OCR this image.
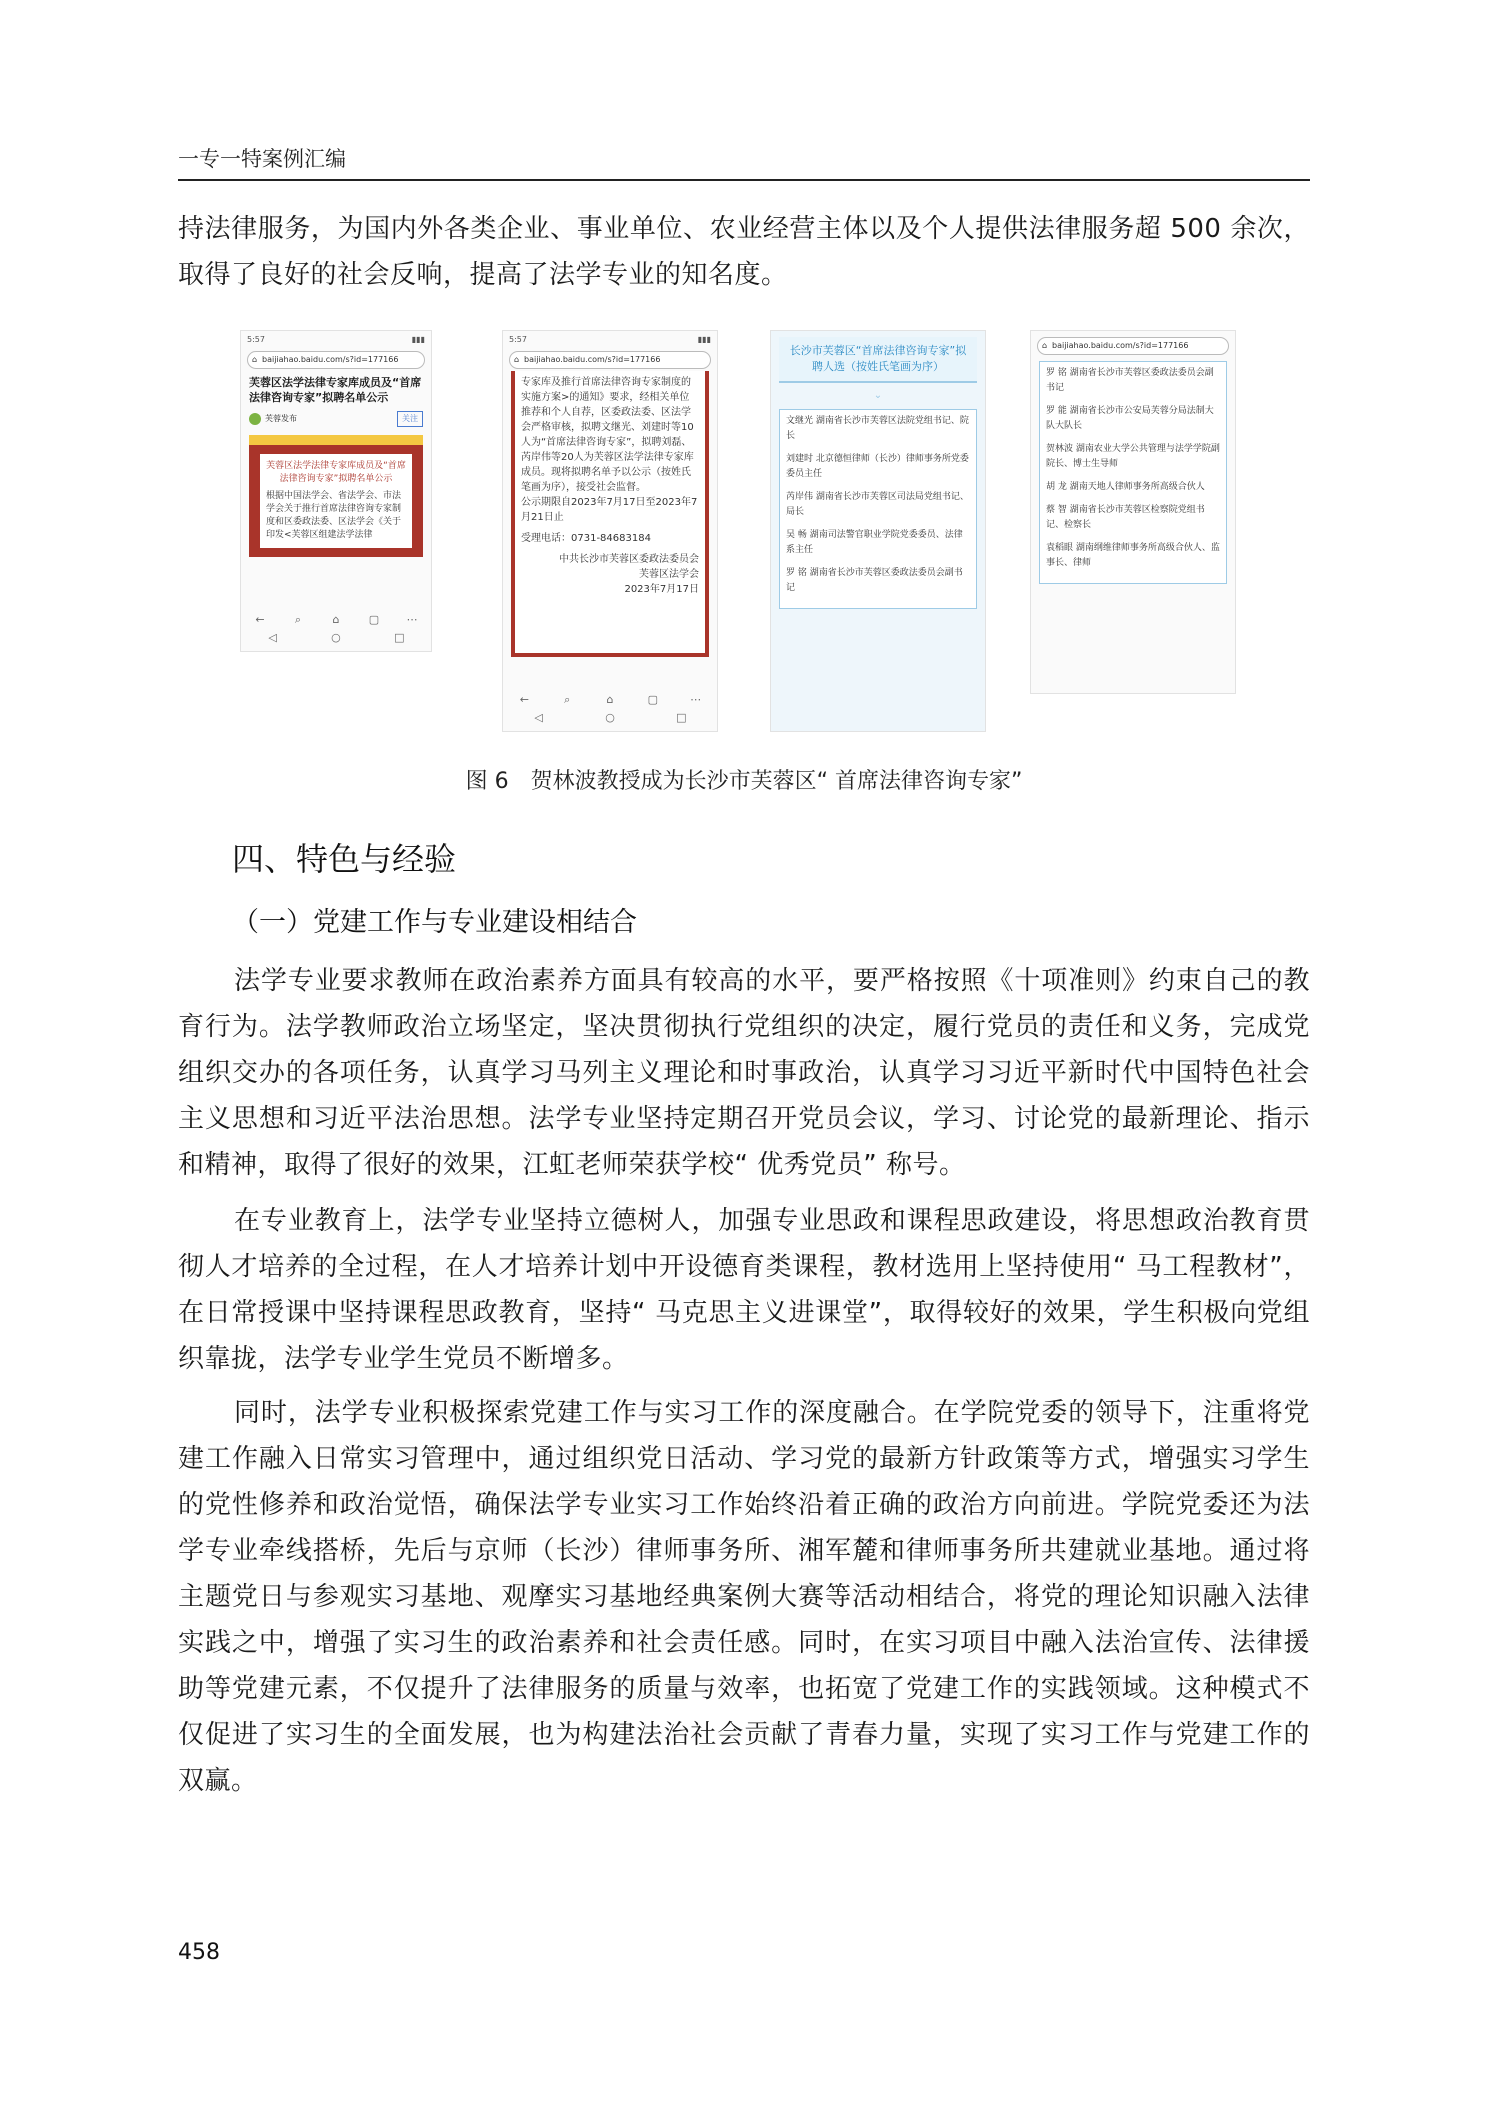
一专一特案例汇编

持法律服务，为国内外各类企业、事业单位、农业经营主体以及个人提供法律服务超 500 余次，取得了良好的社会反响，提高了法学专业的知名度。

5:57	▮▮▮
⌂ baijiahao.baidu.com/s?id=177166
芙蓉区法学法律专家库成员及“首席法律咨询专家”拟聘名单公示
芙蓉发布	关注
芙蓉区法学法律专家库成员及“首席法律咨询专家”拟聘名单公示
根据中国法学会、省法学会、市法学会关于推行首席法律咨询专家制度和区委政法委、区法学会《关于印发<芙蓉区组建法学法律
←	⌕	⌂	▢	⋯
◁	○	□
5:57	▮▮▮
⌂ baijiahao.baidu.com/s?id=177166
专家库及推行首席法律咨询专家制度的实施方案>的通知》要求，经相关单位推荐和个人自荐，区委政法委、区法学会严格审核，拟聘文继光、刘建时等10人为“首席法律咨询专家”，拟聘刘磊、芮岸伟等20人为芙蓉区法学法律专家库成员。现将拟聘名单予以公示（按姓氏笔画为序），接受社会监督。
公示期限自2023年7月17日至2023年7月21日止
受理电话：0731-84683184
中共长沙市芙蓉区委政法委员会
芙蓉区法学会
2023年7月17日
←	⌕	⌂	▢	⋯
◁	○	□
长沙市芙蓉区“首席法律咨询专家”拟聘人选（按姓氏笔画为序）
⌄

文继光 湖南省长沙市芙蓉区法院党组书记、院长

刘建时 北京德恒律师（长沙）律师事务所党委委员主任

芮岸伟 湖南省长沙市芙蓉区司法局党组书记、局长

吴 畅 湖南司法警官职业学院党委委员、法律系主任

罗 铭 湖南省长沙市芙蓉区委政法委员会副书记

⌂ baijiahao.baidu.com/s?id=177166

罗 铭 湖南省长沙市芙蓉区委政法委员会副书记

罗 能 湖南省长沙市公安局芙蓉分局法制大队大队长

贺林波 湖南农业大学公共管理与法学学院副院长、博士生导师

胡 龙 湖南天地人律师事务所高级合伙人

蔡 智 湖南省长沙市芙蓉区检察院党组书记、检察长

袁稻眼 湖南纲维律师事务所高级合伙人、监事长、律师

图 6　贺林波教授成为长沙市芙蓉区“ 首席法律咨询专家”
四、特色与经验
（一）党建工作与专业建设相结合

法学专业要求教师在政治素养方面具有较高的水平，要严格按照《十项准则》约束自己的教育行为。法学教师政治立场坚定，坚决贯彻执行党组织的决定，履行党员的责任和义务，完成党组织交办的各项任务，认真学习马列主义理论和时事政治，认真学习习近平新时代中国特色社会主义思想和习近平法治思想。法学专业坚持定期召开党员会议，学习、讨论党的最新理论、指示和精神，取得了很好的效果，江虹老师荣获学校“ 优秀党员” 称号。

在专业教育上，法学专业坚持立德树人，加强专业思政和课程思政建设，将思想政治教育贯彻人才培养的全过程，在人才培养计划中开设德育类课程，教材选用上坚持使用“ 马工程教材”，在日常授课中坚持课程思政教育，坚持“ 马克思主义进课堂”，取得较好的效果，学生积极向党组织靠拢，法学专业学生党员不断增多。

同时，法学专业积极探索党建工作与实习工作的深度融合。在学院党委的领导下，注重将党建工作融入日常实习管理中，通过组织党日活动、学习党的最新方针政策等方式，增强实习学生的党性修养和政治觉悟，确保法学专业实习工作始终沿着正确的政治方向前进。学院党委还为法学专业牵线搭桥，先后与京师（长沙）律师事务所、湘军麓和律师事务所共建就业基地。通过将主题党日与参观实习基地、观摩实习基地经典案例大赛等活动相结合，将党的理论知识融入法律实践之中，增强了实习生的政治素养和社会责任感。同时，在实习项目中融入法治宣传、法律援助等党建元素，不仅提升了法律服务的质量与效率，也拓宽了党建工作的实践领域。这种模式不仅促进了实习生的全面发展，也为构建法治社会贡献了青春力量，实现了实习工作与党建工作的双赢。

458
